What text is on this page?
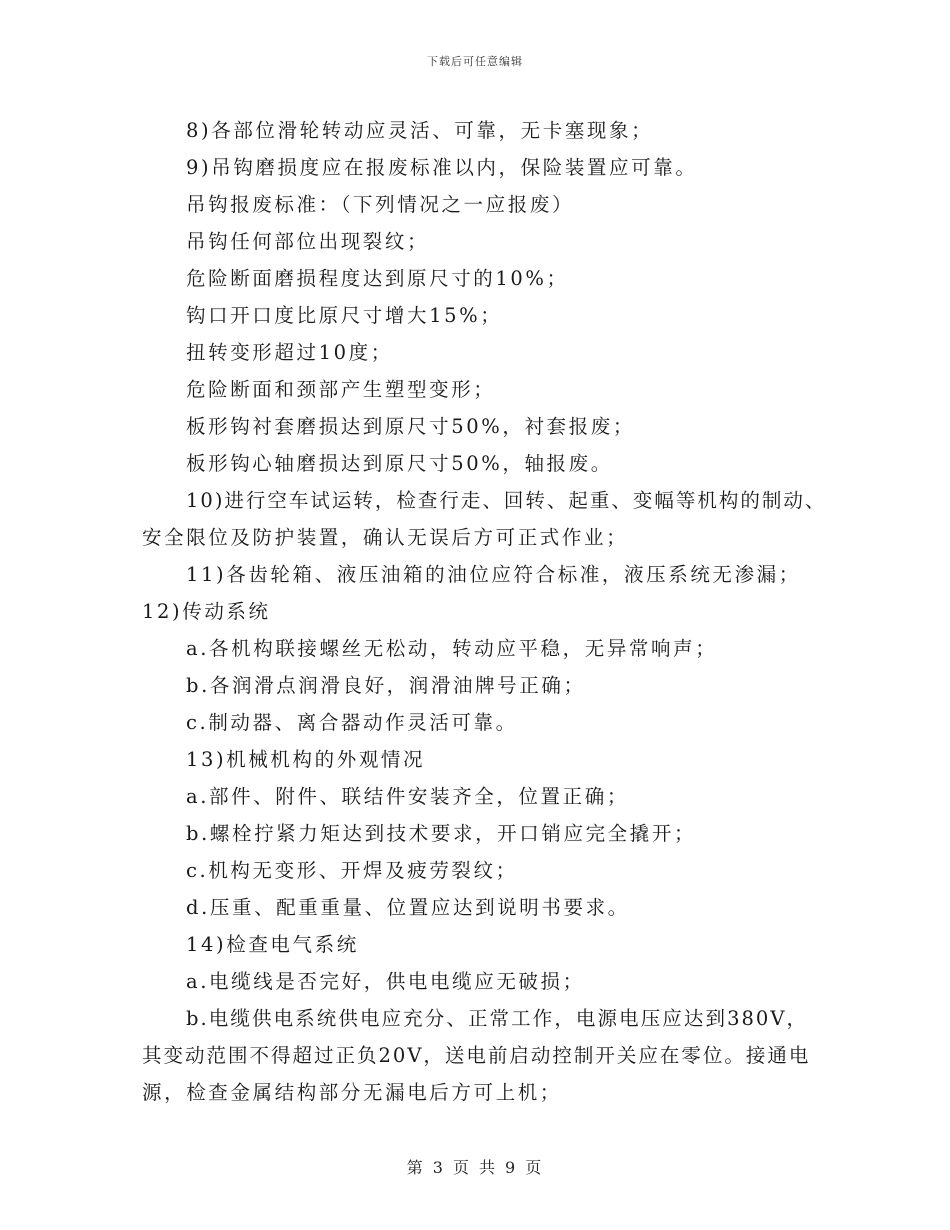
下载后可任意编辑
8)各部位滑轮转动应灵活、可靠，无卡塞现象；
9)吊钩磨损度应在报废标准以内，保险装置应可靠。
吊钩报废标准：（下列情况之一应报废）
吊钩任何部位出现裂纹；
危险断面磨损程度达到原尺寸的10%；
钩口开口度比原尺寸增大15%；
扭转变形超过10度；
危险断面和颈部产生塑型变形；
板形钩衬套磨损达到原尺寸50%，衬套报废；
板形钩心轴磨损达到原尺寸50%，轴报废。
10)进行空车试运转，检查行走、回转、起重、变幅等机构的制动、
安全限位及防护装置，确认无误后方可正式作业；
11)各齿轮箱、液压油箱的油位应符合标准，液压系统无渗漏；
12)传动系统
a.各机构联接螺丝无松动，转动应平稳，无异常响声；
b.各润滑点润滑良好，润滑油牌号正确；
c.制动器、离合器动作灵活可靠。
13)机械机构的外观情况
a.部件、附件、联结件安装齐全，位置正确；
b.螺栓拧紧力矩达到技术要求，开口销应完全撬开；
c.机构无变形、开焊及疲劳裂纹；
d.压重、配重重量、位置应达到说明书要求。
14)检查电气系统
a.电缆线是否完好，供电电缆应无破损；
b.电缆供电系统供电应充分、正常工作，电源电压应达到380V，
其变动范围不得超过正负20V，送电前启动控制开关应在零位。接通电
源，检查金属结构部分无漏电后方可上机；
第 3 页 共 9 页
